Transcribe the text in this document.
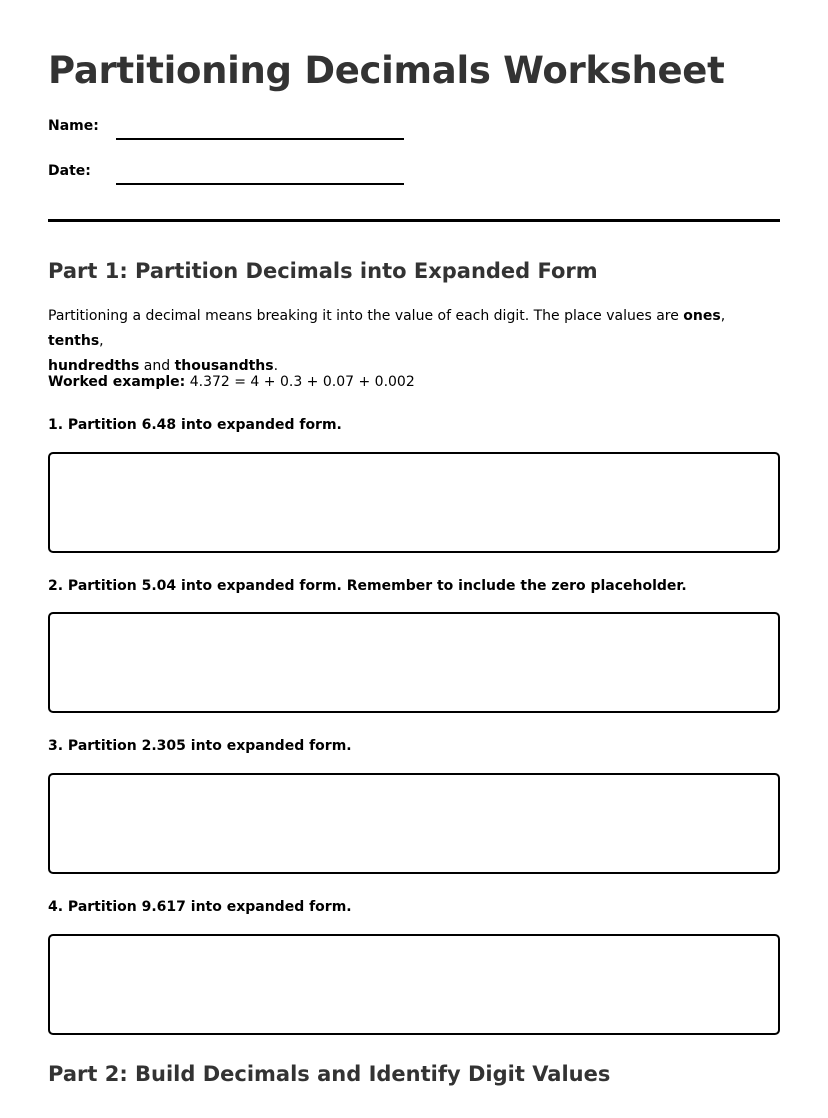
Partitioning Decimals Worksheet
Name:
Date:
Part 1: Partition Decimals into Expanded Form
Partitioning a decimal means breaking it into the value of each digit. The place values are ones, tenths,
hundredths and thousandths.
Worked example: 4.372 = 4 + 0.3 + 0.07 + 0.002
1. Partition 6.48 into expanded form.
2. Partition 5.04 into expanded form. Remember to include the zero placeholder.
3. Partition 2.305 into expanded form.
4. Partition 9.617 into expanded form.
Part 2: Build Decimals and Identify Digit Values
